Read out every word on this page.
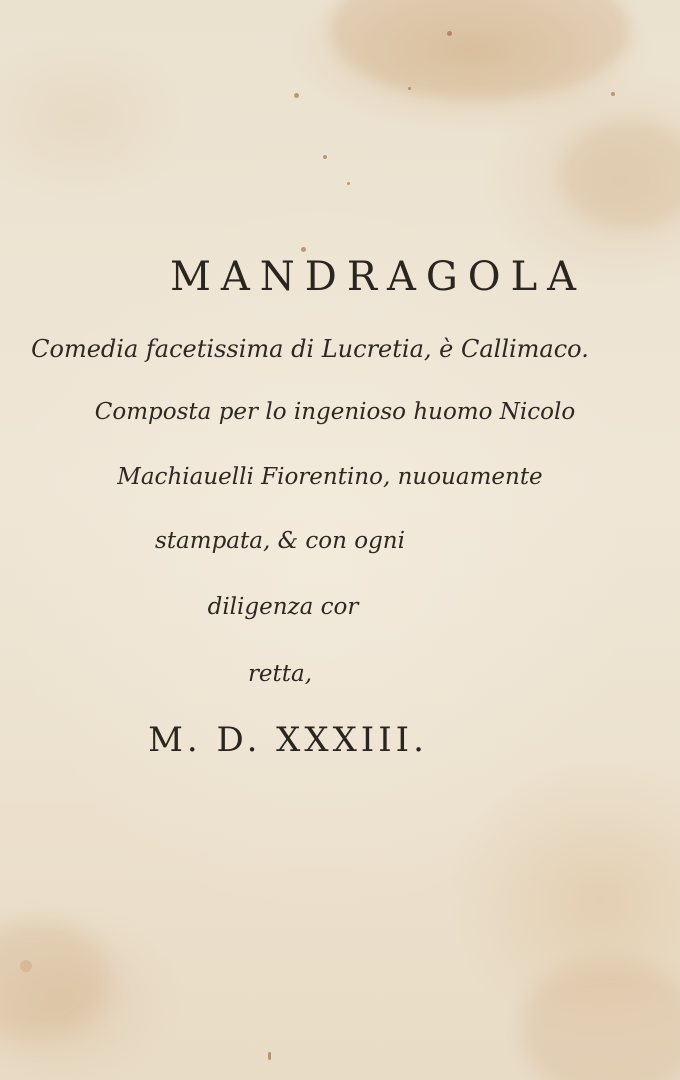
MANDRAGOLA
Comedia facetissima di Lucretia, è Callimaco.
Composta per lo ingenioso huomo Nicolo
Machiauelli Fiorentino, nuouamente
stampata, & con ogni
diligenza cor
retta,
M. D. XXXIII.
